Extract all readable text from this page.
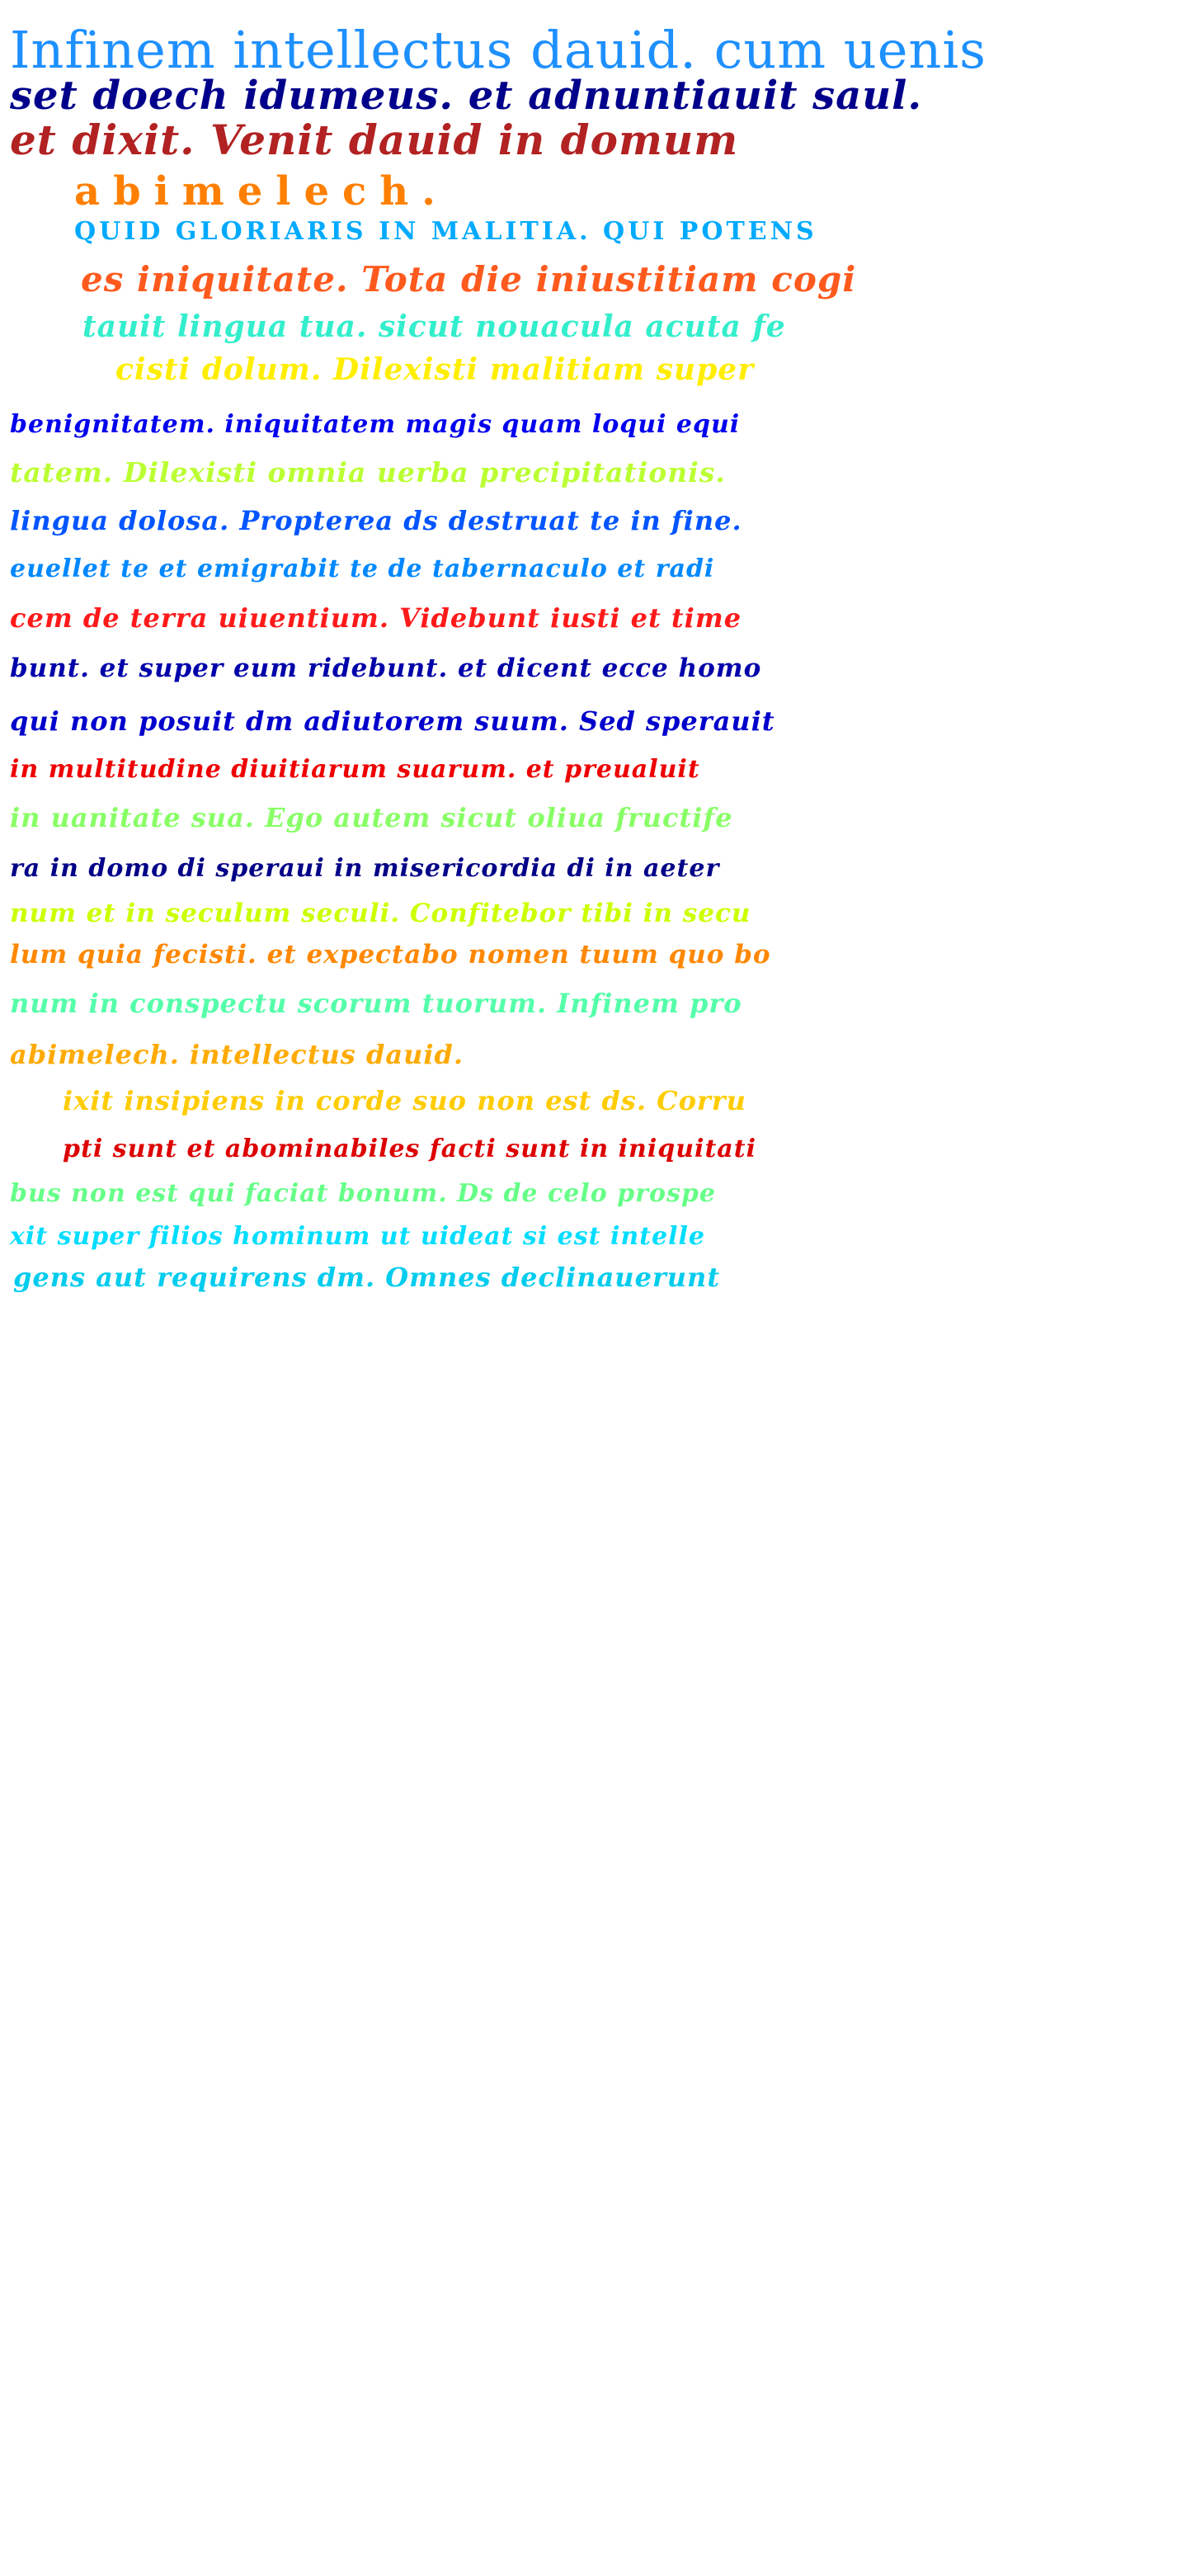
Infinem intellectus dauid. cum uenis
set doech idumeus. et adnuntiauit saul.
et dixit. Venit dauid in domum
abimelech.
QUID GLORIARIS IN MALITIA. QUI POTENS
es iniquitate. Tota die iniustitiam cogi
tauit lingua tua. sicut nouacula acuta fe
cisti dolum. Dilexisti malitiam super
benignitatem. iniquitatem magis quam loqui equi
tatem. Dilexisti omnia uerba precipitationis.
lingua dolosa. Propterea ds destruat te in fine.
euellet te et emigrabit te de tabernaculo et radi
cem de terra uiuentium. Videbunt iusti et time
bunt. et super eum ridebunt. et dicent ecce homo
qui non posuit dm adiutorem suum. Sed sperauit
in multitudine diuitiarum suarum. et preualuit
in uanitate sua. Ego autem sicut oliua fructife
ra in domo di speraui in misericordia di in aeter
num et in seculum seculi. Confitebor tibi in secu
lum quia fecisti. et expectabo nomen tuum quo bo
num in conspectu scorum tuorum. Infinem pro
abimelech. intellectus dauid.
ixit insipiens in corde suo non est ds. Corru
pti sunt et abominabiles facti sunt in iniquitati
bus non est qui faciat bonum. Ds de celo prospe
xit super filios hominum ut uideat si est intelle
gens aut requirens dm. Omnes declinauerunt
